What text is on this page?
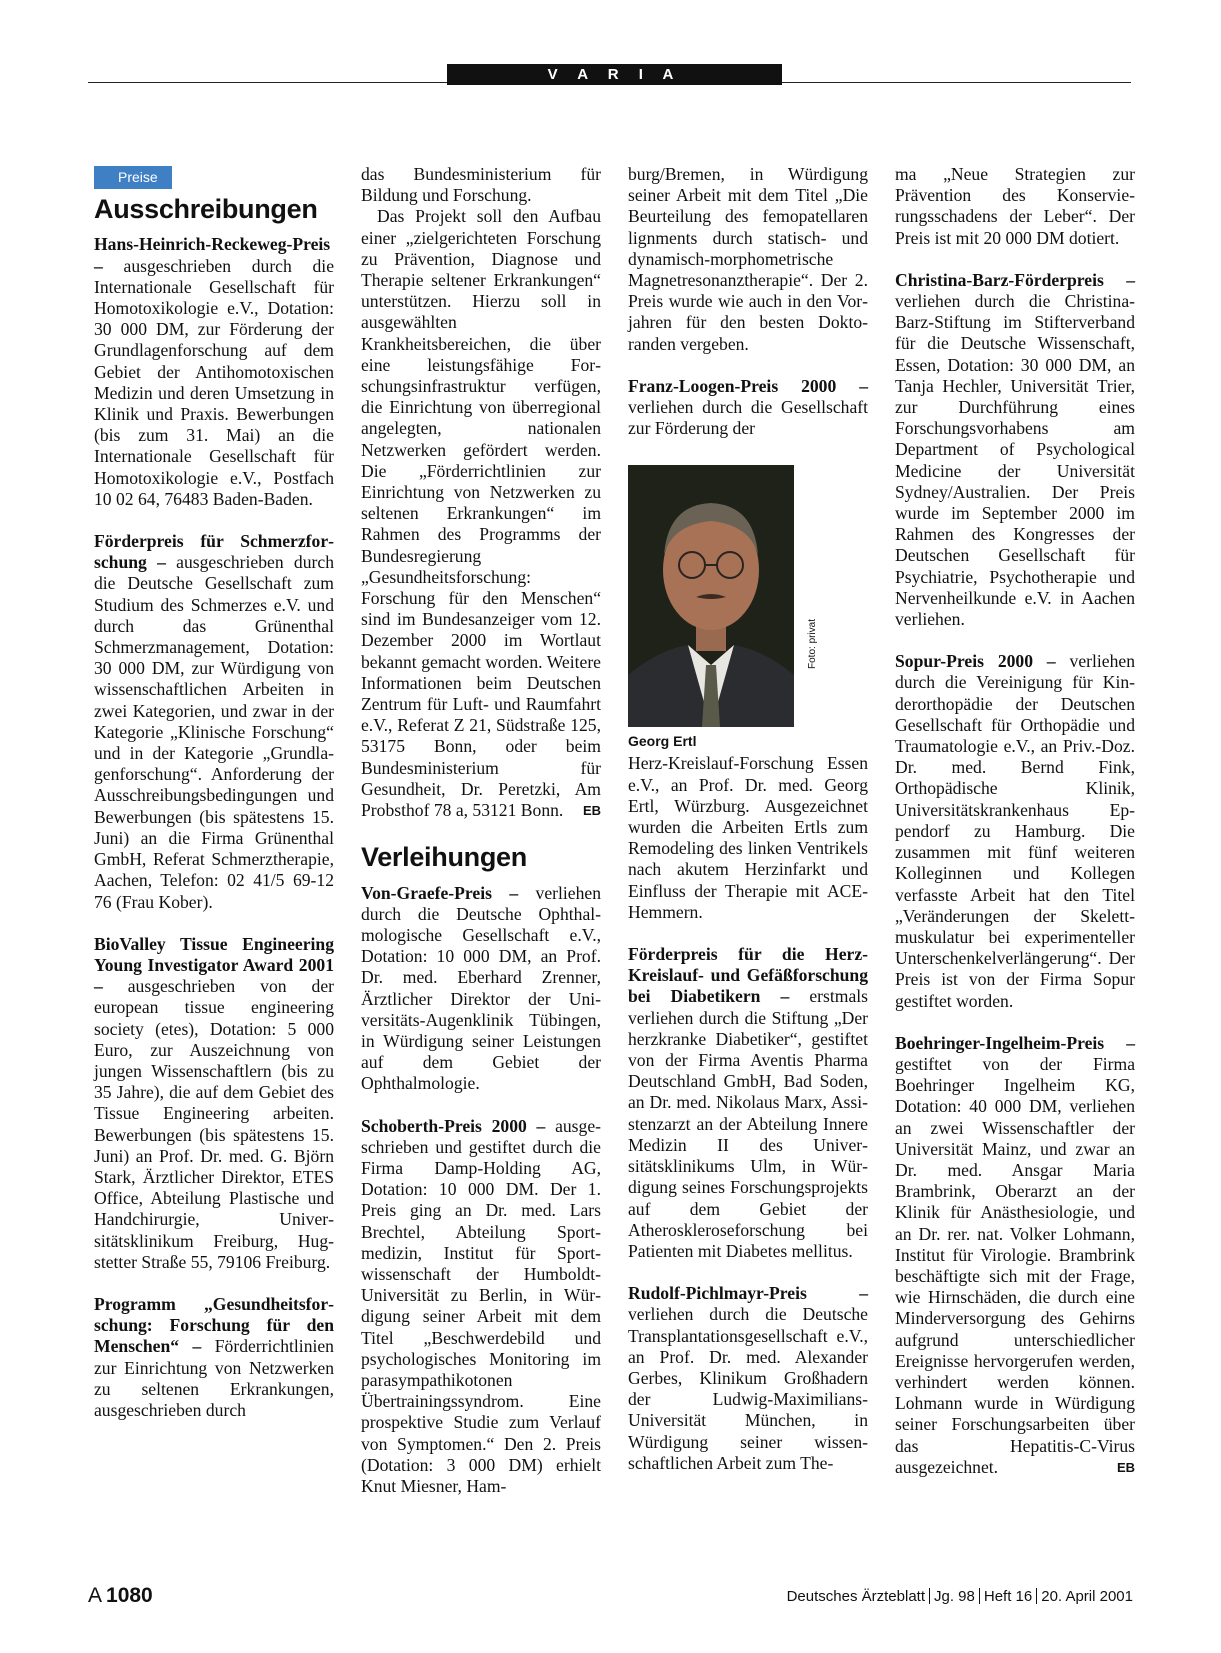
V A R I A
Preise
Ausschreibungen

Hans-Heinrich-Reckeweg-Preis – ausgeschrieben durch die Internationale Gesellschaft für Homotoxikologie e.V., Dotation: 30 000 DM, zur Förderung der Grundlagenforschung auf dem Gebiet der Antihomotoxischen Medizin und deren Umsetzung in Klinik und Praxis. Bewerbungen (bis zum 31. Mai) an die Internationale Gesellschaft für Homotoxikologie e.V., Postfach 10 02 64, 76483 Baden-Baden.

Förderpreis für Schmerzforschung – ausgeschrieben durch die Deutsche Gesellschaft zum Studium des Schmerzes e.V. und durch das Grünenthal Schmerzmanagement, Dotation: 30 000 DM, zur Würdigung von wissenschaftlichen Arbeiten in zwei Kategorien, und zwar in der Kategorie „Klinische Forschung“ und in der Kategorie „Grundlagenforschung“. Anforderung der Ausschreibungsbedingungen und Bewerbungen (bis spätestens 15. Juni) an die Firma Grünenthal GmbH, Referat Schmerztherapie, Aachen, Telefon: 02 41/5 69-12 76 (Frau Kober).

BioValley Tissue Engineering Young Investigator Award 2001 – ausgeschrieben von der european tissue engineering society (etes), Dotation: 5 000 Euro, zur Auszeichnung von jungen Wissenschaftlern (bis zu 35 Jahre), die auf dem Gebiet des Tissue Engineering arbeiten. Bewerbungen (bis spätestens 15. Juni) an Prof. Dr. med. G. Björn Stark, Ärztlicher Direktor, ETES Office, Abteilung Plastische und Handchirurgie, Universitätsklinikum Freiburg, Hugstetter Straße 55, 79106 Freiburg.

Programm „Gesundheitsforschung: Forschung für den Menschen“ – Förderrichtlinien zur Einrichtung von Netzwerken zu seltenen Erkrankungen, ausgeschrieben durch

das Bundesministerium für Bildung und Forschung.

Das Projekt soll den Aufbau einer „zielgerichteten Forschung zu Prävention, Diagnose und Therapie seltener Erkrankungen“ unterstützen. Hierzu soll in ausgewählten Krankheitsbereichen, die über eine leistungsfähige Forschungsinfrastruktur verfügen, die Einrichtung von überregional angelegten, nationalen Netzwerken gefördert werden. Die „Förderrichtlinien zur Einrichtung von Netzwerken zu seltenen Erkrankungen“ im Rahmen des Programms der Bundesregierung „Gesundheitsforschung: Forschung für den Menschen“ sind im Bundesanzeiger vom 12. Dezember 2000 im Wortlaut bekannt gemacht worden. Weitere Informationen beim Deutschen Zentrum für Luft- und Raumfahrt e.V., Referat Z 21, Südstraße 125, 53175 Bonn, oder beim Bundesministerium für Gesundheit, Dr. Peretzki, Am Probsthof 78 a, 53121 Bonn.	EB

Verleihungen

Von-Graefe-Preis – verliehen durch die Deutsche Ophthalmologische Gesellschaft e.V., Dotation: 10 000 DM, an Prof. Dr. med. Eberhard Zrenner, Ärztlicher Direktor der Universitäts-Augenklinik Tübingen, in Würdigung seiner Leistungen auf dem Gebiet der Ophthalmologie.

Schoberth-Preis 2000 – ausgeschrieben und gestiftet durch die Firma Damp-Holding AG, Dotation: 10 000 DM. Der 1. Preis ging an Dr. med. Lars Brechtel, Abteilung Sportmedizin, Institut für Sportwissenschaft der Humboldt-Universität zu Berlin, in Würdigung seiner Arbeit mit dem Titel „Beschwerdebild und psychologisches Monitoring im parasympathikotonen Übertrainingssyndrom. Eine prospektive Studie zum Verlauf von Symptomen.“ Den 2. Preis (Dotation: 3 000 DM) erhielt Knut Miesner, Ham-

burg/Bremen, in Würdigung seiner Arbeit mit dem Titel „Die Beurteilung des femopatellaren lignments durch statisch- und dynamisch-morphometrische Magnetresonanztherapie“. Der 2. Preis wurde wie auch in den Vorjahren für den besten Doktoranden vergeben.

Franz-Loogen-Preis 2000 – verliehen durch die Gesellschaft zur Förderung der

Foto: privat
Georg Ertl

Herz-Kreislauf-Forschung Essen e.V., an Prof. Dr. med. Georg Ertl, Würzburg. Ausgezeichnet wurden die Arbeiten Ertls zum Remodeling des linken Ventrikels nach akutem Herzinfarkt und Einfluss der Therapie mit ACE-Hemmern.

Förderpreis für die Herz-Kreislauf- und Gefäßforschung bei Diabetikern – erstmals verliehen durch die Stiftung „Der herzkranke Diabetiker“, gestiftet von der Firma Aventis Pharma Deutschland GmbH, Bad Soden, an Dr. med. Nikolaus Marx, Assistenzarzt an der Abteilung Innere Medizin II des Universitätsklinikums Ulm, in Würdigung seines Forschungsprojekts auf dem Gebiet der Atheroskleroseforschung bei Patienten mit Diabetes mellitus.

Rudolf-Pichlmayr-Preis – verliehen durch die Deutsche Transplantationsgesellschaft e.V., an Prof. Dr. med. Alexander Gerbes, Klinikum Großhadern der Ludwig-Maximilians-Universität München, in Würdigung seiner wissenschaftlichen Arbeit zum The-

ma „Neue Strategien zur Prävention des Konservierungsschadens der Leber“. Der Preis ist mit 20 000 DM dotiert.

Christina-Barz-Förderpreis – verliehen durch die Christina-Barz-Stiftung im Stifterverband für die Deutsche Wissenschaft, Essen, Dotation: 30 000 DM, an Tanja Hechler, Universität Trier, zur Durchführung eines Forschungsvorhabens am Department of Psychological Medicine der Universität Sydney/Australien. Der Preis wurde im September 2000 im Rahmen des Kongresses der Deutschen Gesellschaft für Psychiatrie, Psychotherapie und Nervenheilkunde e.V. in Aachen verliehen.

Sopur-Preis 2000 – verliehen durch die Vereinigung für Kinderorthopädie der Deutschen Gesellschaft für Orthopädie und Traumatologie e.V., an Priv.-Doz. Dr. med. Bernd Fink, Orthopädische Klinik, Universitätskrankenhaus Eppendorf zu Hamburg. Die zusammen mit fünf weiteren Kolleginnen und Kollegen verfasste Arbeit hat den Titel „Veränderungen der Skelettmuskulatur bei experimenteller Unterschenkelverlängerung“. Der Preis ist von der Firma Sopur gestiftet worden.

Boehringer-Ingelheim-Preis – gestiftet von der Firma Boehringer Ingelheim KG, Dotation: 40 000 DM, verliehen an zwei Wissenschaftler der Universität Mainz, und zwar an Dr. med. Ansgar Maria Brambrink, Oberarzt an der Klinik für Anästhesiologie, und an Dr. rer. nat. Volker Lohmann, Institut für Virologie. Brambrink beschäftigte sich mit der Frage, wie Hirnschäden, die durch eine Minderversorgung des Gehirns aufgrund unterschiedlicher Ereignisse hervorgerufen werden, verhindert werden können. Lohmann wurde in Würdigung seiner Forschungsarbeiten über das Hepatitis-C-Virus ausgezeichnet.	EB

A 1080	Deutsches Ärzteblatt Jg. 98 Heft 16 20. April 2001
